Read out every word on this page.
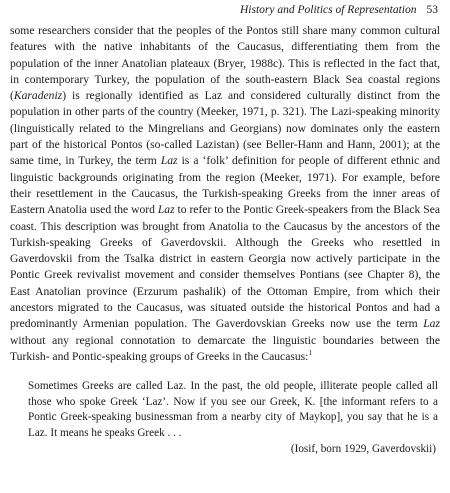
History and Politics of Representation 53

some researchers consider that the peoples of the Pontos still share many common cultural features with the native inhabitants of the Caucasus, differentiating them from the population of the inner Anatolian plateaux (Bryer, 1988c). This is reflected in the fact that, in contemporary Turkey, the population of the south-eastern Black Sea coastal regions (Karadeniz) is regionally identified as Laz and considered culturally distinct from the population in other parts of the country (Meeker, 1971, p. 321). The Lazi-speaking minority (linguistically related to the Mingrelians and Georgians) now dominates only the eastern part of the historical Pontos (so-called Lazistan) (see Beller-Hann and Hann, 2001); at the same time, in Turkey, the term Laz is a ‘folk’ definition for people of different ethnic and linguistic backgrounds originating from the region (Meeker, 1971). For example, before their resettlement in the Caucasus, the Turkish-speaking Greeks from the inner areas of Eastern Anatolia used the word Laz to refer to the Pontic Greek-speakers from the Black Sea coast. This description was brought from Anatolia to the Caucasus by the ancestors of the Turkish-speaking Greeks of Gaverdovskii. Although the Greeks who resettled in Gaverdovskii from the Tsalka district in eastern Georgia now actively participate in the Pontic Greek revivalist movement and consider themselves Pontians (see Chapter 8), the East Anatolian province (Erzurum pashalik) of the Ottoman Empire, from which their ancestors migrated to the Caucasus, was situated outside the historical Pontos and had a predominantly Armenian population. The Gaverdovskian Greeks now use the term Laz without any regional connotation to demarcate the linguistic boundaries between the Turkish- and Pontic-speaking groups of Greeks in the Caucasus:$^1$

Sometimes Greeks are called Laz. In the past, the old people, illiterate people called all those who spoke Greek ‘Laz’. Now if you see our Greek, K. [the informant refers to a Pontic Greek-speaking businessman from a nearby city of Maykop], you say that he is a Laz. It means he speaks Greek . . .
(Iosif, born 1929, Gaverdovskii)
